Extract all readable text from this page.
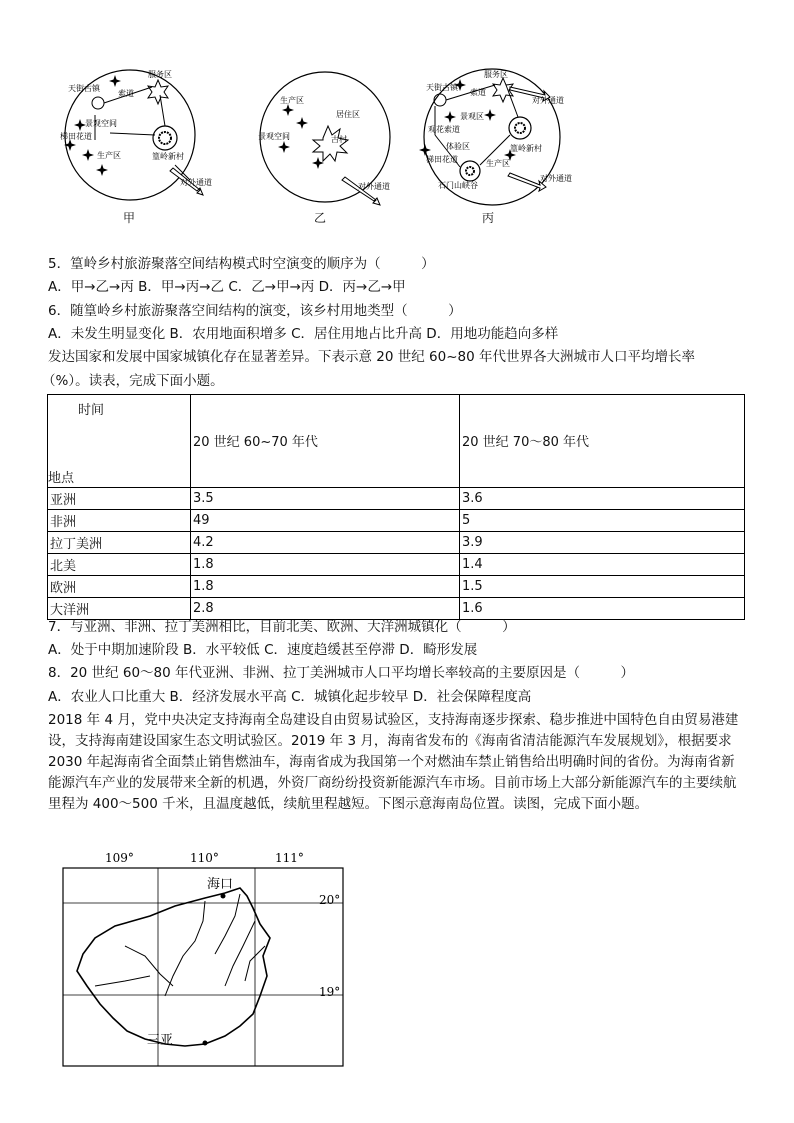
天街古镇
索道
服务区
景观空间
梯田花道
生产区	篁岭新村
对外通道
生产区
居住区
景观空间	古村
对外通道
服务区
天街古镇
索道
景观区
观花索道
体验区	篁岭新村
梯田花道	生产区
石门山峡谷
对外通道
对外通道
甲	乙	丙
5．篁岭乡村旅游聚落空间结构模式时空演变的顺序为（　　　）
A．甲→乙→丙 B．甲→丙→乙 C．乙→甲→丙 D．丙→乙→甲
6．随篁岭乡村旅游聚落空间结构的演变，该乡村用地类型（　　　）
A．未发生明显变化 B．农用地面积增多 C．居住用地占比升高 D．用地功能趋向多样
发达国家和发展中国家城镇化存在显著差异。下表示意 20 世纪 60~80 年代世界各大洲城市人口平均增长率
（%）。读表，完成下面小题。
时间
地点	20 世纪 60~70 年代	20 世纪 70～80 年代
亚洲	3.5	3.6
非洲	49	5
拉丁美洲	4.2	3.9
北美	1.8	1.4
欧洲	1.8	1.5
大洋洲	2.8	1.6
7．与亚洲、非洲、拉丁美洲相比，目前北美、欧洲、大洋洲城镇化（　　　）
A．处于中期加速阶段 B．水平较低 C．速度趋缓甚至停滞 D．畸形发展
8．20 世纪 60～80 年代亚洲、非洲、拉丁美洲城市人口平均增长率较高的主要原因是（　　　）
A．农业人口比重大 B．经济发展水平高 C．城镇化起步较早 D．社会保障程度高
2018 年 4 月，党中央决定支持海南全岛建设自由贸易试验区，支持海南逐步探索、稳步推进中国特色自由贸易港建设，支持海南建设国家生态文明试验区。2019 年 3 月，海南省发布的《海南省清洁能源汽车发展规划》，根据要求 2030 年起海南省全面禁止销售燃油车，海南省成为我国第一个对燃油车禁止销售给出明确时间的省份。为海南省新能源汽车产业的发展带来全新的机遇，外资厂商纷纷投资新能源汽车市场。目前市场上大部分新能源汽车的主要续航里程为 400～500 千米，且温度越低，续航里程越短。下图示意海南岛位置。读图，完成下面小题。
109°	110°	111°
20°
19°
海口
三亚
